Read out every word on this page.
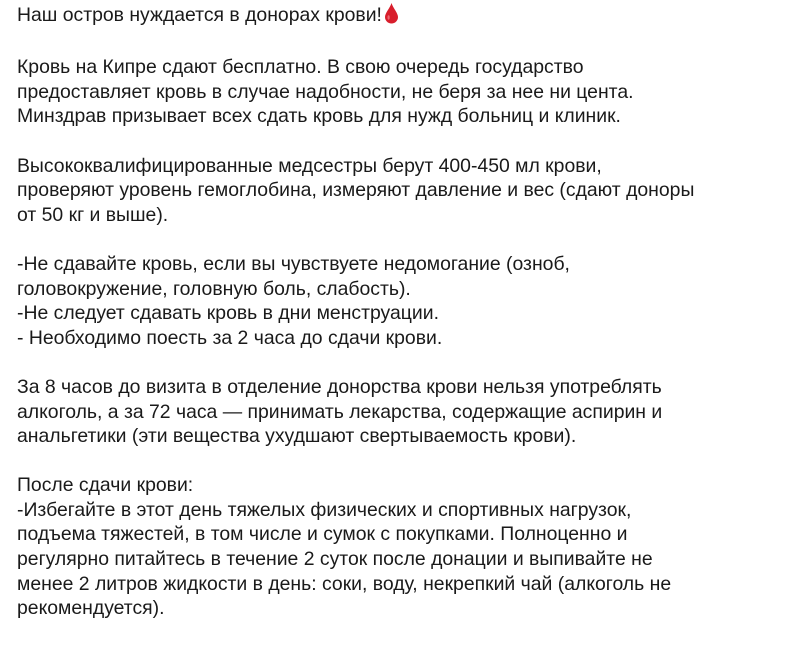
Наш остров нуждается в донорах крови!

Кровь на Кипре сдают бесплатно. В свою очередь государство
предоставляет кровь в случае надобности, не беря за нее ни цента.
Минздрав призывает всех сдать кровь для нужд больниц и клиник.

Высококвалифицированные медсестры берут 400-450 мл крови,
проверяют уровень гемоглобина, измеряют давление и вес (сдают доноры
от 50 кг и выше).

-Не сдавайте кровь, если вы чувствуете недомогание (озноб,
головокружение, головную боль, слабость).
-Не следует сдавать кровь в дни менструации.
- Необходимо поесть за 2 часа до сдачи крови.

За 8 часов до визита в отделение донорства крови нельзя употреблять
алкоголь, а за 72 часа — принимать лекарства, содержащие аспирин и
анальгетики (эти вещества ухудшают свертываемость крови).

После сдачи крови:
-Избегайте в этот день тяжелых физических и спортивных нагрузок,
подъема тяжестей, в том числе и сумок с покупками. Полноценно и
регулярно питайтесь в течение 2 суток после донации и выпивайте не
менее 2 литров жидкости в день: соки, воду, некрепкий чай (алкоголь не
рекомендуется).
